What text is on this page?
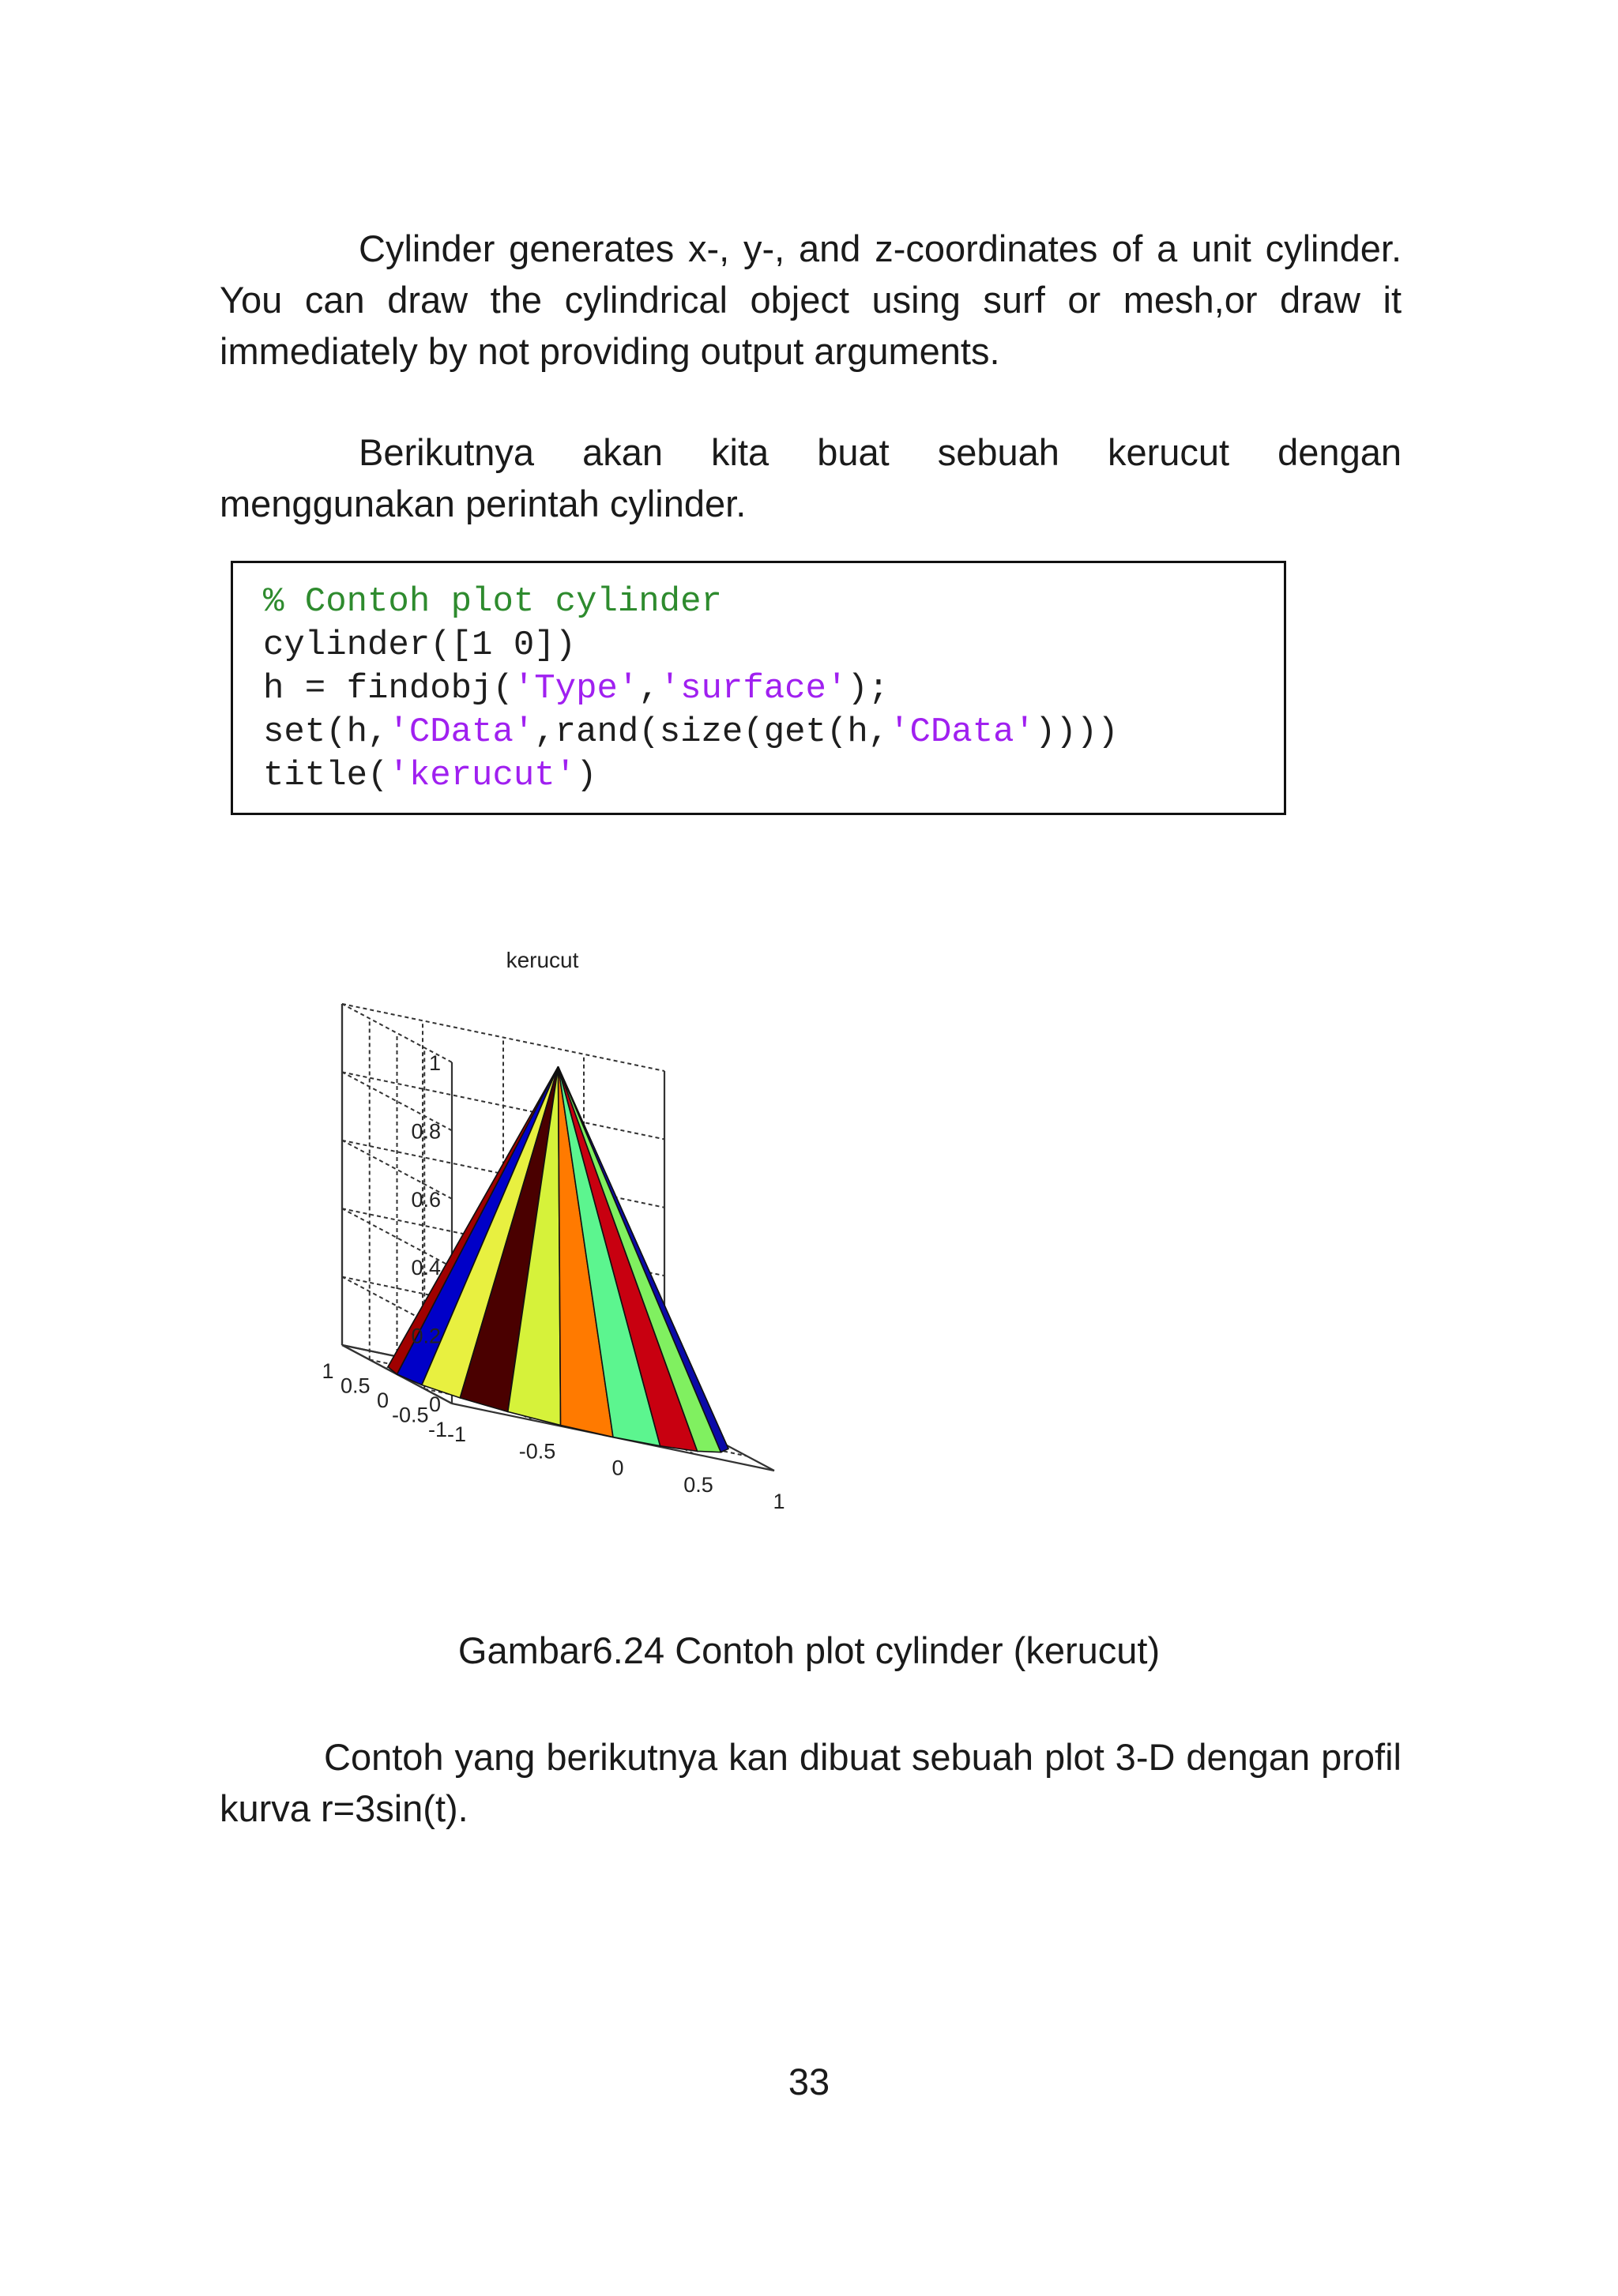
Cylinder generates x-, y-, and z-coordinates of a unit cylinder. You can draw the cylindrical object using surf or mesh,or draw it immediately by not providing output arguments.

Berikutnya akan kita buat sebuah kerucut dengan menggunakan perintah cylinder.

% Contoh plot cylinder
cylinder([1 0])
h = findobj('Type','surface');
set(h,'CData',rand(size(get(h,'CData'))))
title('kerucut')
kerucut
0
0.2
0.4
0.6
0.8
1
1
0.5
0
-0.5
-1 -1
-0.5
0
0.5
1

Gambar6.24 Contoh plot cylinder (kerucut)

Contoh yang berikutnya kan dibuat sebuah plot 3-D dengan profil kurva r=3sin(t).

33
